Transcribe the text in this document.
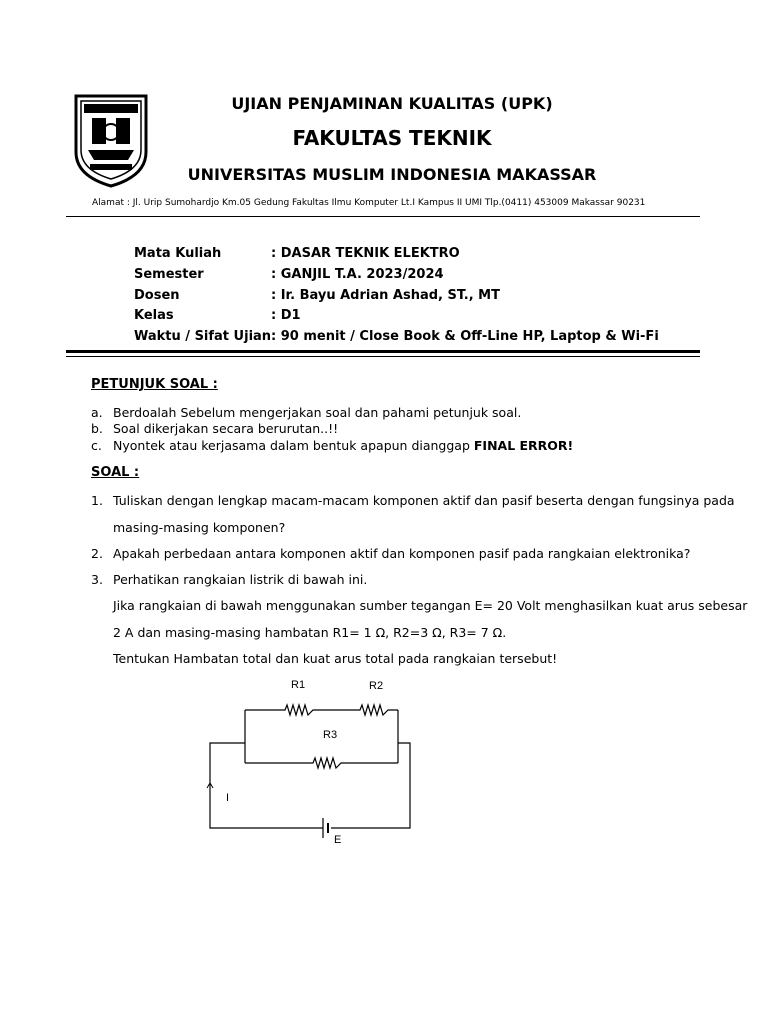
UJIAN PENJAMINAN KUALITAS (UPK)
FAKULTAS TEKNIK
UNIVERSITAS MUSLIM INDONESIA MAKASSAR
Alamat : Jl. Urip Sumohardjo Km.05 Gedung Fakultas Ilmu Komputer Lt.I Kampus II UMI Tlp.(0411) 453009 Makassar 90231
Mata Kuliah	: DASAR TEKNIK ELEKTRO
Semester	: GANJIL T.A. 2023/2024
Dosen	: Ir. Bayu Adrian Ashad, ST., MT
Kelas	: D1
Waktu / Sifat Ujian : 90 menit / Close Book & Off-Line HP, Laptop & Wi-Fi
PETUNJUK SOAL :
a. Berdoalah Sebelum mengerjakan soal dan pahami petunjuk soal.
b. Soal dikerjakan secara berurutan..!!
c. Nyontek atau kerjasama dalam bentuk apapun dianggap FINAL ERROR!
SOAL :
1. Tuliskan dengan lengkap macam-macam komponen aktif dan pasif beserta dengan fungsinya pada
masing-masing komponen?
2. Apakah perbedaan antara komponen aktif dan komponen pasif pada rangkaian elektronika?
3. Perhatikan rangkaian listrik di bawah ini.
Jika rangkaian di bawah menggunakan sumber tegangan E= 20 Volt menghasilkan kuat arus sebesar
2 A dan masing-masing hambatan R1= 1 Ω, R2=3 Ω, R3= 7 Ω.
Tentukan Hambatan total dan kuat arus total pada rangkaian tersebut!
R1	R2
R3
I
E
